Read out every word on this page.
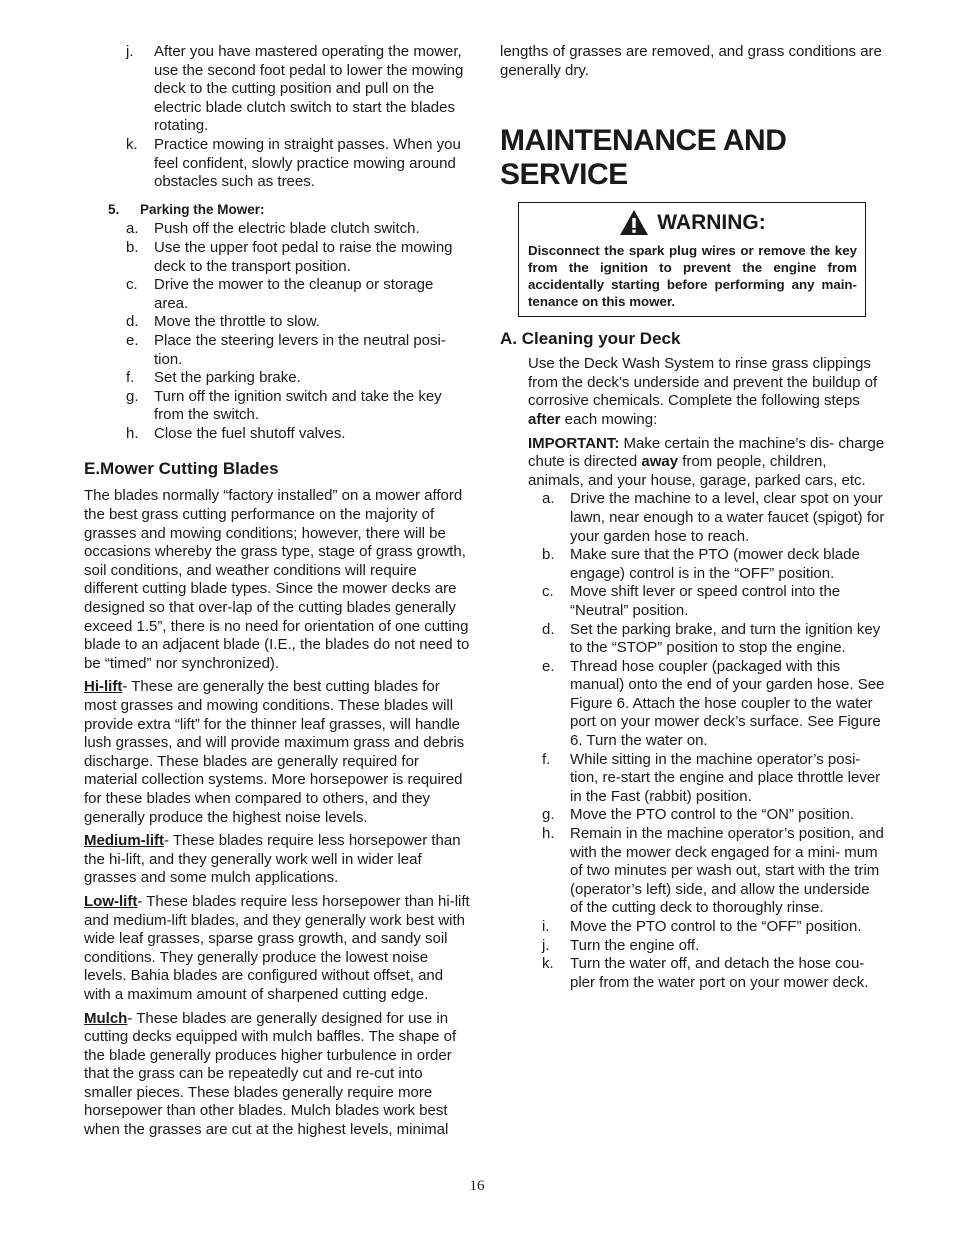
j. After you have mastered operating the mower, use the second foot pedal to lower the mowing deck to the cutting position and pull on the electric blade clutch switch to start the blades rotating.
k. Practice mowing in straight passes. When you feel confident, slowly practice mowing around obstacles such as trees.
5. Parking the Mower:
a. Push off the electric blade clutch switch.
b. Use the upper foot pedal to raise the mowing deck to the transport position.
c. Drive the mower to the cleanup or storage area.
d. Move the throttle to slow.
e. Place the steering levers in the neutral posi- tion.
f. Set the parking brake.
g. Turn off the ignition switch and take the key from the switch.
h. Close the fuel shutoff valves.
E.Mower Cutting Blades

The blades normally “factory installed” on a mower afford the best grass cutting performance on the majority of grasses and mowing conditions; however, there will be occasions whereby the grass type, stage of grass growth, soil conditions, and weather conditions will require different cutting blade types. Since the mower decks are designed so that over-lap of the cutting blades generally exceed 1.5”, there is no need for orientation of one cutting blade to an adjacent blade (I.E., the blades do not need to be “timed” nor synchronized).

Hi-lift- These are generally the best cutting blades for most grasses and mowing conditions. These blades will provide extra “lift” for the thinner leaf grasses, will handle lush grasses, and will provide maximum grass and debris discharge. These blades are generally required for material collection systems. More horsepower is required for these blades when compared to others, and they generally produce the highest noise levels.

Medium-lift- These blades require less horsepower than the hi-lift, and they generally work well in wider leaf grasses and some mulch applications.

Low-lift- These blades require less horsepower than hi-lift and medium-lift blades, and they generally work best with wide leaf grasses, sparse grass growth, and sandy soil conditions. They generally produce the lowest noise levels. Bahia blades are configured without offset, and with a maximum amount of sharpened cutting edge.

Mulch- These blades are generally designed for use in cutting decks equipped with mulch baffles. The shape of the blade generally produces higher turbulence in order that the grass can be repeatedly cut and re-cut into smaller pieces. These blades generally require more horsepower than other blades. Mulch blades work best when the grasses are cut at the highest levels, minimal

lengths of grasses are removed, and grass conditions are generally dry.

MAINTENANCE AND SERVICE
WARNING:
Disconnect the spark plug wires or remove the key from the ignition to prevent the engine from accidentally starting before performing any main- tenance on this mower.
A. Cleaning your Deck

Use the Deck Wash System to rinse grass clippings from the deck’s underside and prevent the buildup of corrosive chemicals. Complete the following steps after each mowing:

IMPORTANT: Make certain the machine’s dis- charge chute is directed away from people, children, animals, and your house, garage, parked cars, etc.

a. Drive the machine to a level, clear spot on your lawn, near enough to a water faucet (spigot) for your garden hose to reach.
b. Make sure that the PTO (mower deck blade engage) control is in the “OFF” position.
c. Move shift lever or speed control into the “Neutral” position.
d. Set the parking brake, and turn the ignition key to the “STOP” position to stop the engine.
e. Thread hose coupler (packaged with this manual) onto the end of your garden hose. See Figure 6. Attach the hose coupler to the water port on your mower deck’s surface. See Figure 6. Turn the water on.
f. While sitting in the machine operator’s posi- tion, re-start the engine and place throttle lever in the Fast (rabbit) position.
g. Move the PTO control to the “ON” position.
h. Remain in the machine operator’s position, and with the mower deck engaged for a mini- mum of two minutes per wash out, start with the trim (operator’s left) side, and allow the underside of the cutting deck to thoroughly rinse.
i. Move the PTO control to the “OFF” position.
j. Turn the engine off.
k. Turn the water off, and detach the hose cou- pler from the water port on your mower deck.
16
